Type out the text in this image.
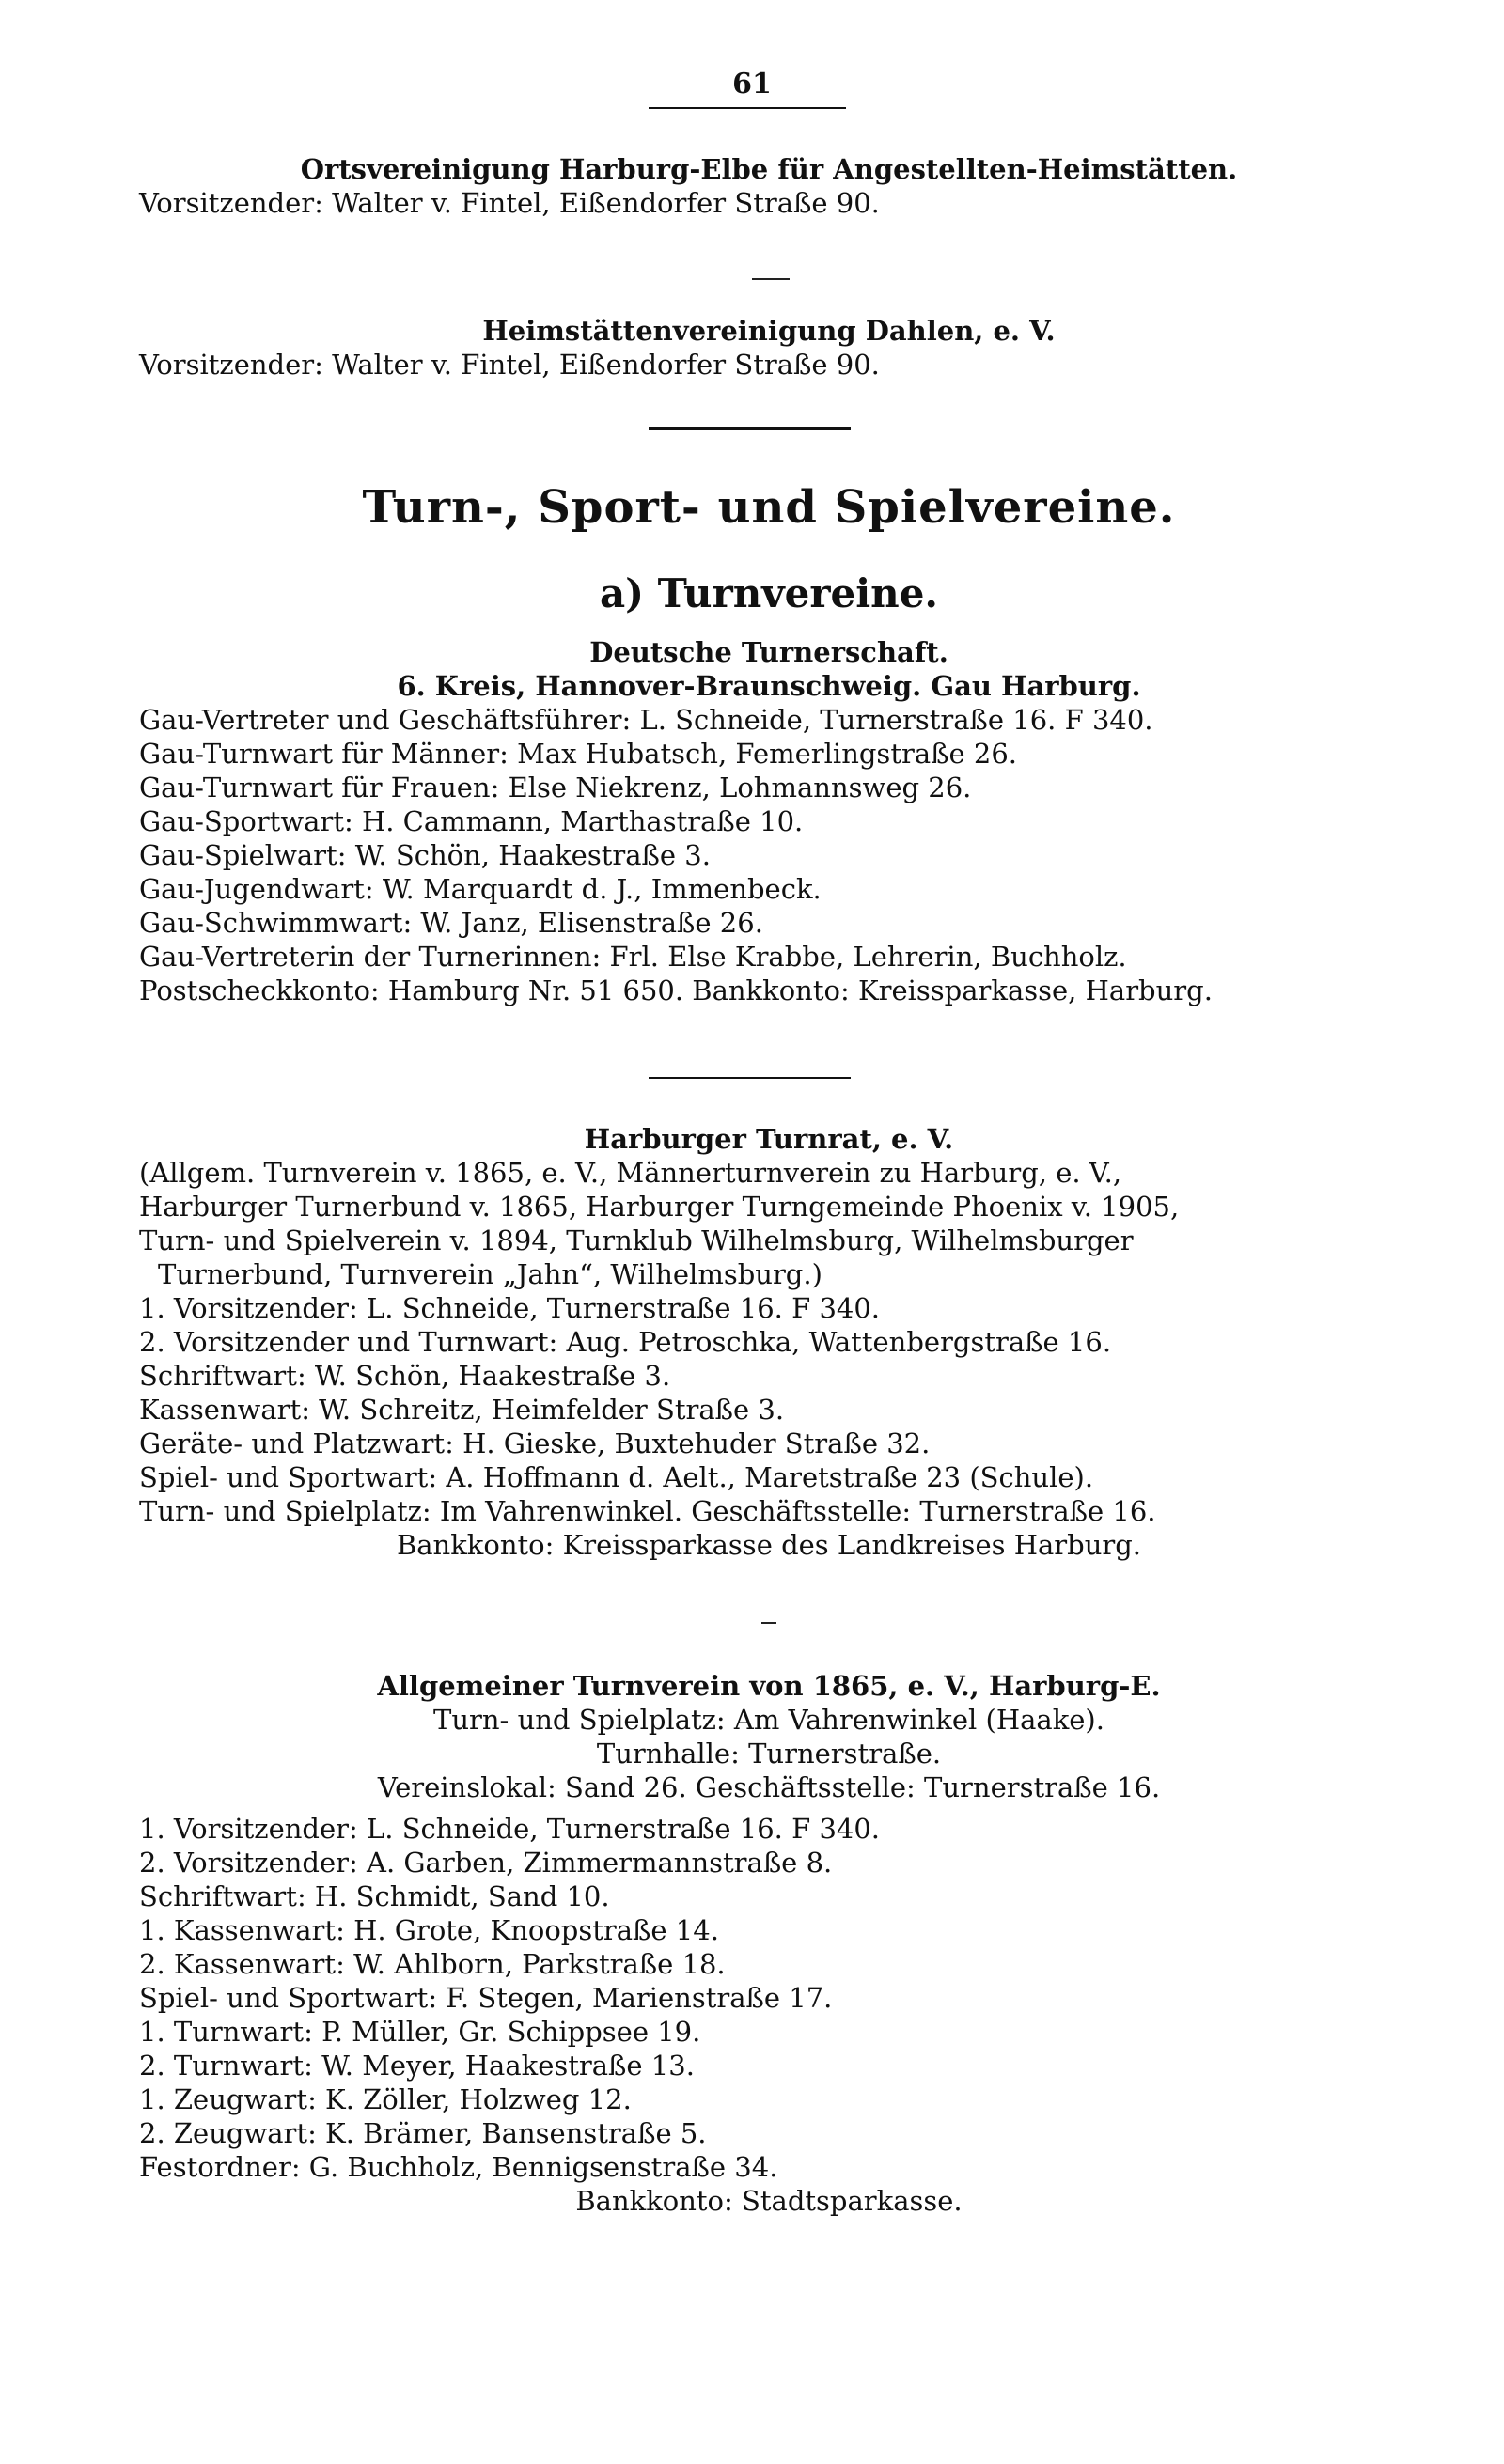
61
Ortsvereinigung Harburg-Elbe für Angestellten-Heimstätten.
Vorsitzender: Walter v. Fintel, Eißendorfer Straße 90.
Heimstättenvereinigung Dahlen, e. V.
Vorsitzender: Walter v. Fintel, Eißendorfer Straße 90.
Turn-, Sport- und Spielvereine.
a) Turnvereine.
Deutsche Turnerschaft.
6. Kreis, Hannover-Braunschweig. Gau Harburg.
Gau-Vertreter und Geschäftsführer: L. Schneide, Turnerstraße 16. F 340.
Gau-Turnwart für Männer: Max Hubatsch, Femerlingstraße 26.
Gau-Turnwart für Frauen: Else Niekrenz, Lohmannsweg 26.
Gau-Sportwart: H. Cammann, Marthastraße 10.
Gau-Spielwart: W. Schön, Haakestraße 3.
Gau-Jugendwart: W. Marquardt d. J., Immenbeck.
Gau-Schwimmwart: W. Janz, Elisenstraße 26.
Gau-Vertreterin der Turnerinnen: Frl. Else Krabbe, Lehrerin, Buchholz.
Postscheckkonto: Hamburg Nr. 51 650. Bankkonto: Kreissparkasse, Harburg.
Harburger Turnrat, e. V.
(Allgem. Turnverein v. 1865, e. V., Männerturnverein zu Harburg, e. V.,
Harburger Turnerbund v. 1865, Harburger Turngemeinde Phoenix v. 1905,
Turn- und Spielverein v. 1894, Turnklub Wilhelmsburg, Wilhelmsburger
Turnerbund, Turnverein „Jahn“, Wilhelmsburg.)
1. Vorsitzender: L. Schneide, Turnerstraße 16. F 340.
2. Vorsitzender und Turnwart: Aug. Petroschka, Wattenbergstraße 16.
Schriftwart: W. Schön, Haakestraße 3.
Kassenwart: W. Schreitz, Heimfelder Straße 3.
Geräte- und Platzwart: H. Gieske, Buxtehuder Straße 32.
Spiel- und Sportwart: A. Hoffmann d. Aelt., Maretstraße 23 (Schule).
Turn- und Spielplatz: Im Vahrenwinkel. Geschäftsstelle: Turnerstraße 16.
Bankkonto: Kreissparkasse des Landkreises Harburg.
Allgemeiner Turnverein von 1865, e. V., Harburg-E.
Turn- und Spielplatz: Am Vahrenwinkel (Haake).
Turnhalle: Turnerstraße.
Vereinslokal: Sand 26. Geschäftsstelle: Turnerstraße 16.
1. Vorsitzender: L. Schneide, Turnerstraße 16. F 340.
2. Vorsitzender: A. Garben, Zimmermannstraße 8.
Schriftwart: H. Schmidt, Sand 10.
1. Kassenwart: H. Grote, Knoopstraße 14.
2. Kassenwart: W. Ahlborn, Parkstraße 18.
Spiel- und Sportwart: F. Stegen, Marienstraße 17.
1. Turnwart: P. Müller, Gr. Schippsee 19.
2. Turnwart: W. Meyer, Haakestraße 13.
1. Zeugwart: K. Zöller, Holzweg 12.
2. Zeugwart: K. Brämer, Bansenstraße 5.
Festordner: G. Buchholz, Bennigsenstraße 34.
Bankkonto: Stadtsparkasse.
